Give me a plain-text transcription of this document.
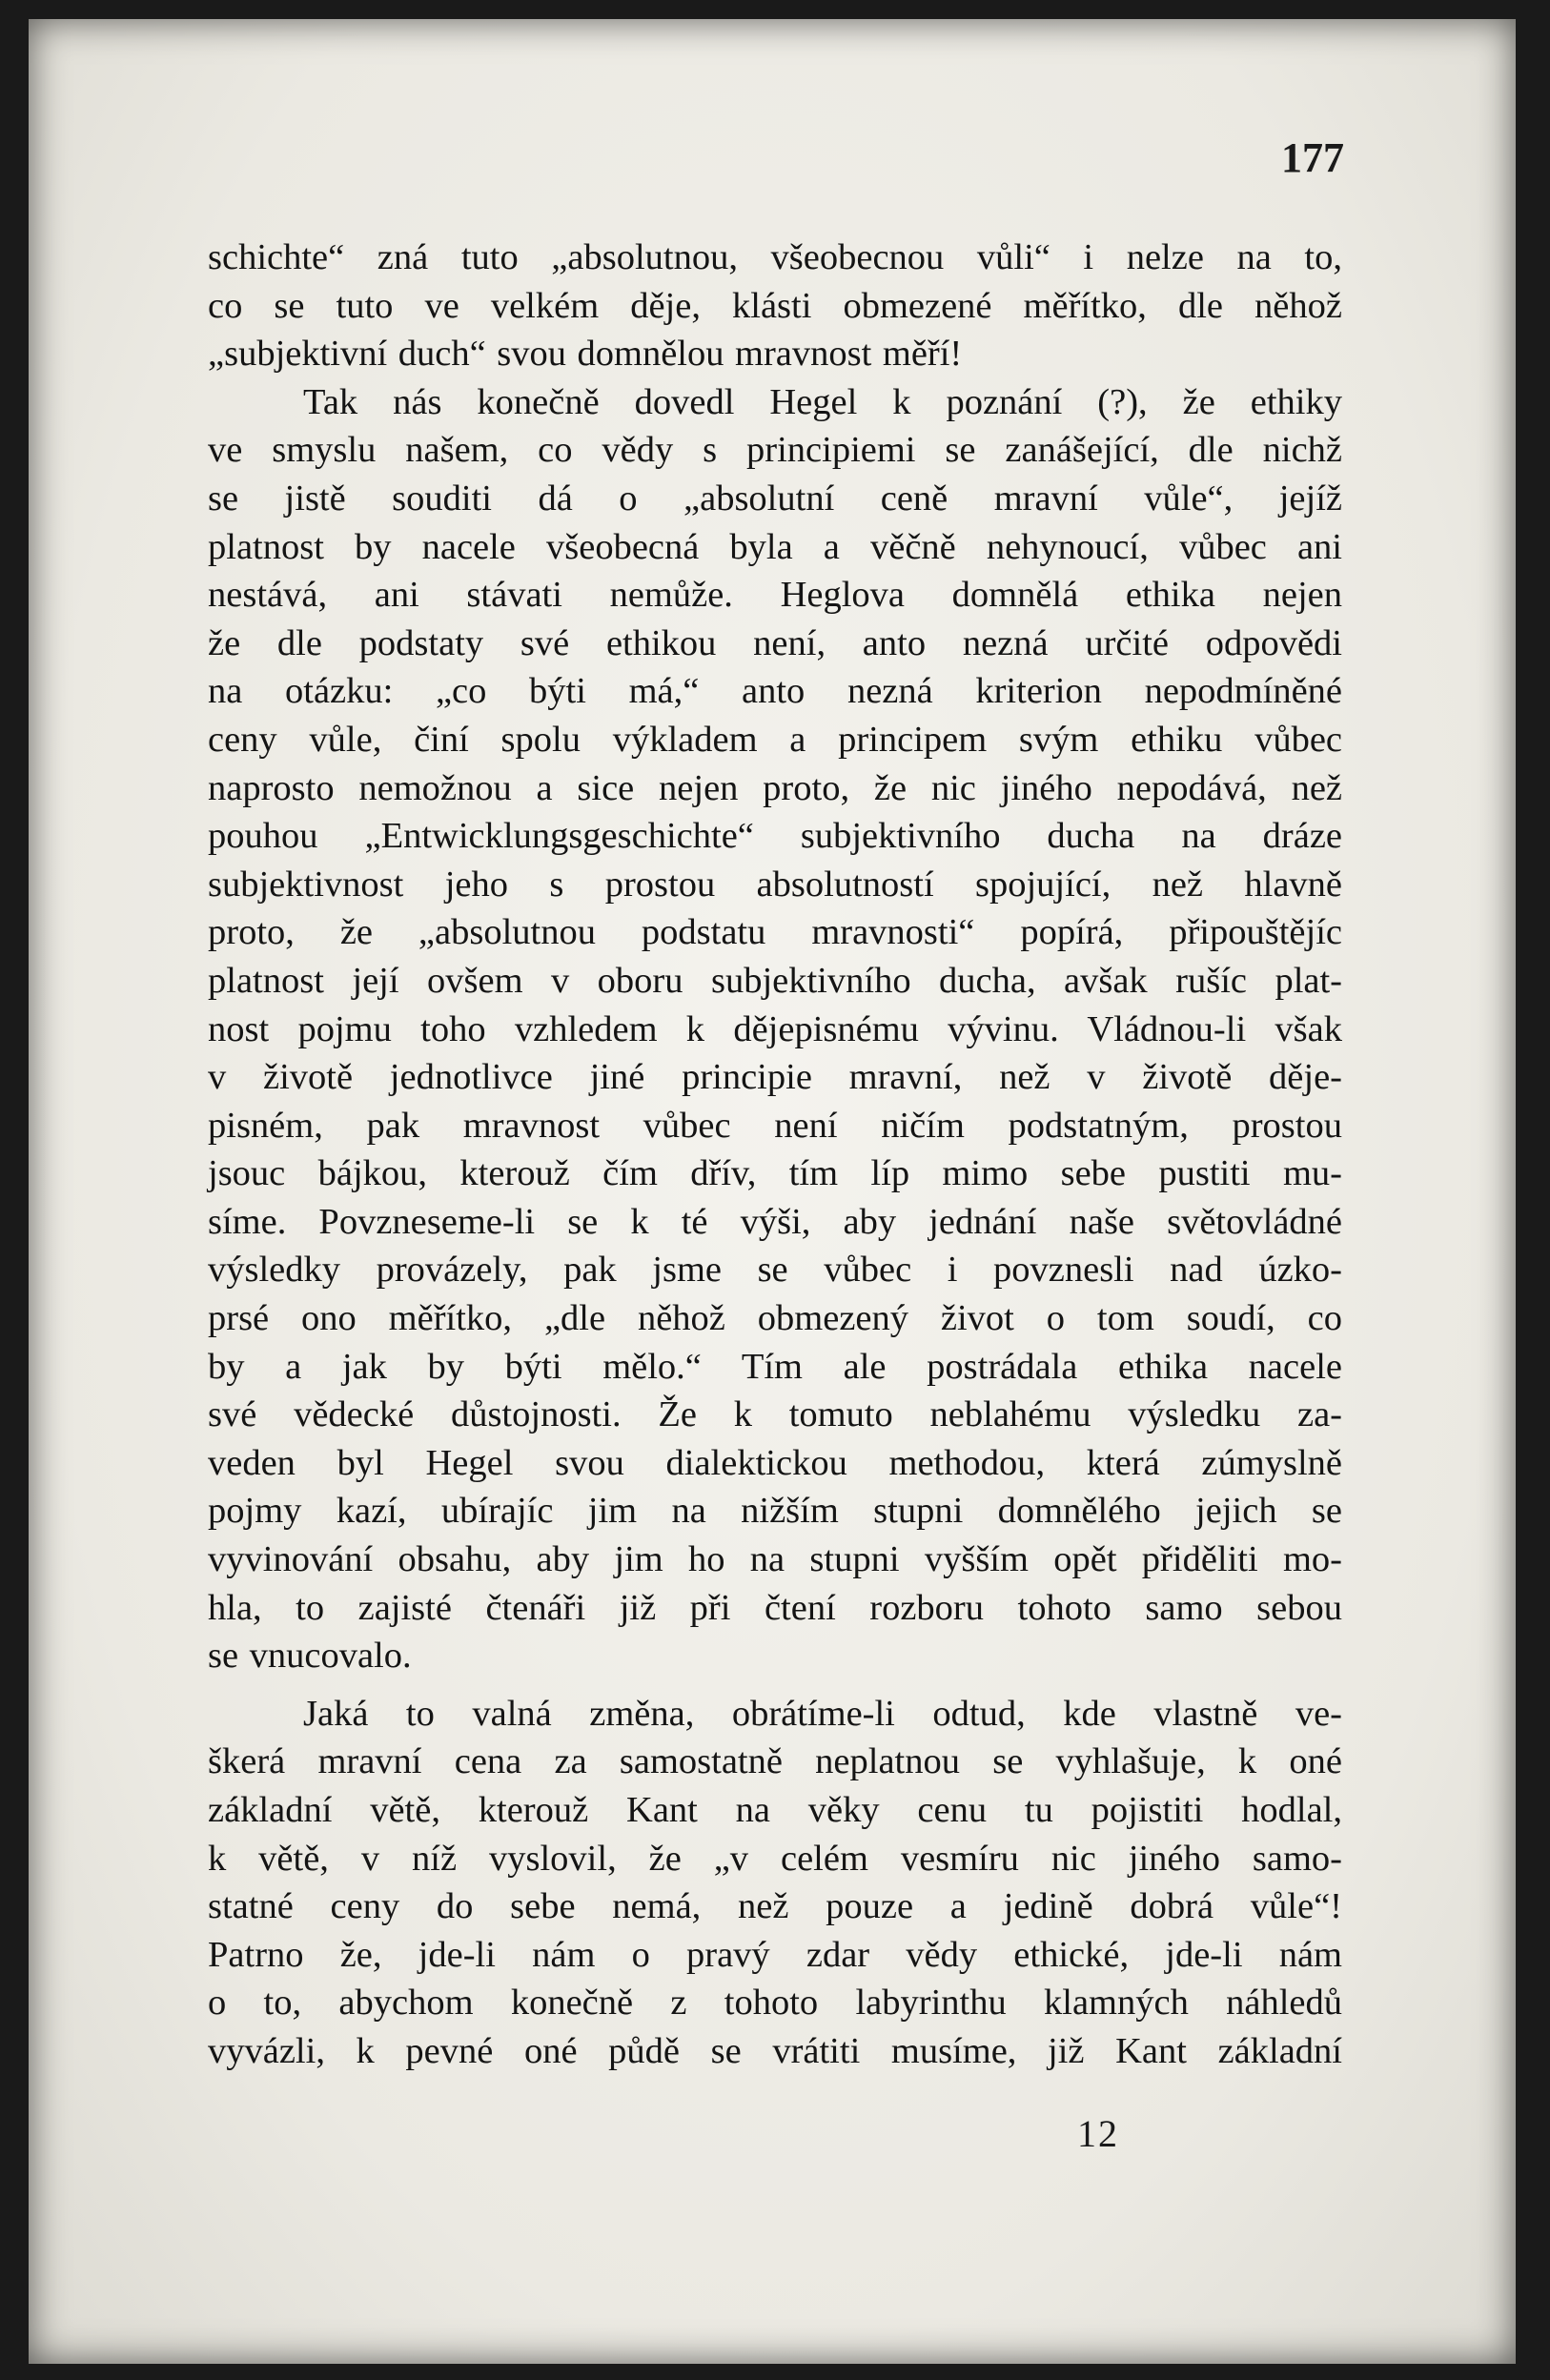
177
schichte“ zná tuto „absolutnou, všeobecnou vůli“ i nelze na to,
co se tuto ve velkém děje, klásti obmezené měřítko, dle něhož
„subjektivní duch“ svou domnělou mravnost měří!
Tak nás konečně dovedl Hegel k poznání (?), že ethiky
ve smyslu našem, co vědy s principiemi se zanášející, dle nichž
se jistě souditi dá o „absolutní ceně mravní vůle“, jejíž
platnost by nacele všeobecná byla a věčně nehynoucí, vůbec ani
nestává, ani stávati nemůže. Heglova domnělá ethika nejen
že dle podstaty své ethikou není, anto nezná určité odpovědi
na otázku: „co býti má,“ anto nezná kriterion nepodmíněné
ceny vůle, činí spolu výkladem a principem svým ethiku vůbec
naprosto nemožnou a sice nejen proto, že nic jiného nepodává, než
pouhou „Entwicklungsgeschichte“ subjektivního ducha na dráze
subjektivnost jeho s prostou absolutností spojující, než hlavně
proto, že „absolutnou podstatu mravnosti“ popírá, připouštějíc
platnost její ovšem v oboru subjektivního ducha, avšak rušíc plat-
nost pojmu toho vzhledem k dějepisnému vývinu. Vládnou-li však
v životě jednotlivce jiné principie mravní, než v životě děje-
pisném, pak mravnost vůbec není ničím podstatným, prostou
jsouc bájkou, kterouž čím dřív, tím líp mimo sebe pustiti mu-
síme. Povzneseme-li se k té výši, aby jednání naše světovládné
výsledky provázely, pak jsme se vůbec i povznesli nad úzko-
prsé ono měřítko, „dle něhož obmezený život o tom soudí, co
by a jak by býti mělo.“ Tím ale postrádala ethika nacele
své vědecké důstojnosti. Že k tomuto neblahému výsledku za-
veden byl Hegel svou dialektickou methodou, která zúmyslně
pojmy kazí, ubírajíc jim na nižším stupni domnělého jejich se
vyvinování obsahu, aby jim ho na stupni vyšším opět přiděliti mo-
hla, to zajisté čtenáři již při čtení rozboru tohoto samo sebou
se vnucovalo.
Jaká to valná změna, obrátíme-li odtud, kde vlastně ve-
škerá mravní cena za samostatně neplatnou se vyhlašuje, k oné
základní větě, kterouž Kant na věky cenu tu pojistiti hodlal,
k větě, v níž vyslovil, že „v celém vesmíru nic jiného samo-
statné ceny do sebe nemá, než pouze a jedině dobrá vůle“!
Patrno že, jde-li nám o pravý zdar vědy ethické, jde-li nám
o to, abychom konečně z tohoto labyrinthu klamných náhledů
vyvázli, k pevné oné půdě se vrátiti musíme, již Kant základní
12
